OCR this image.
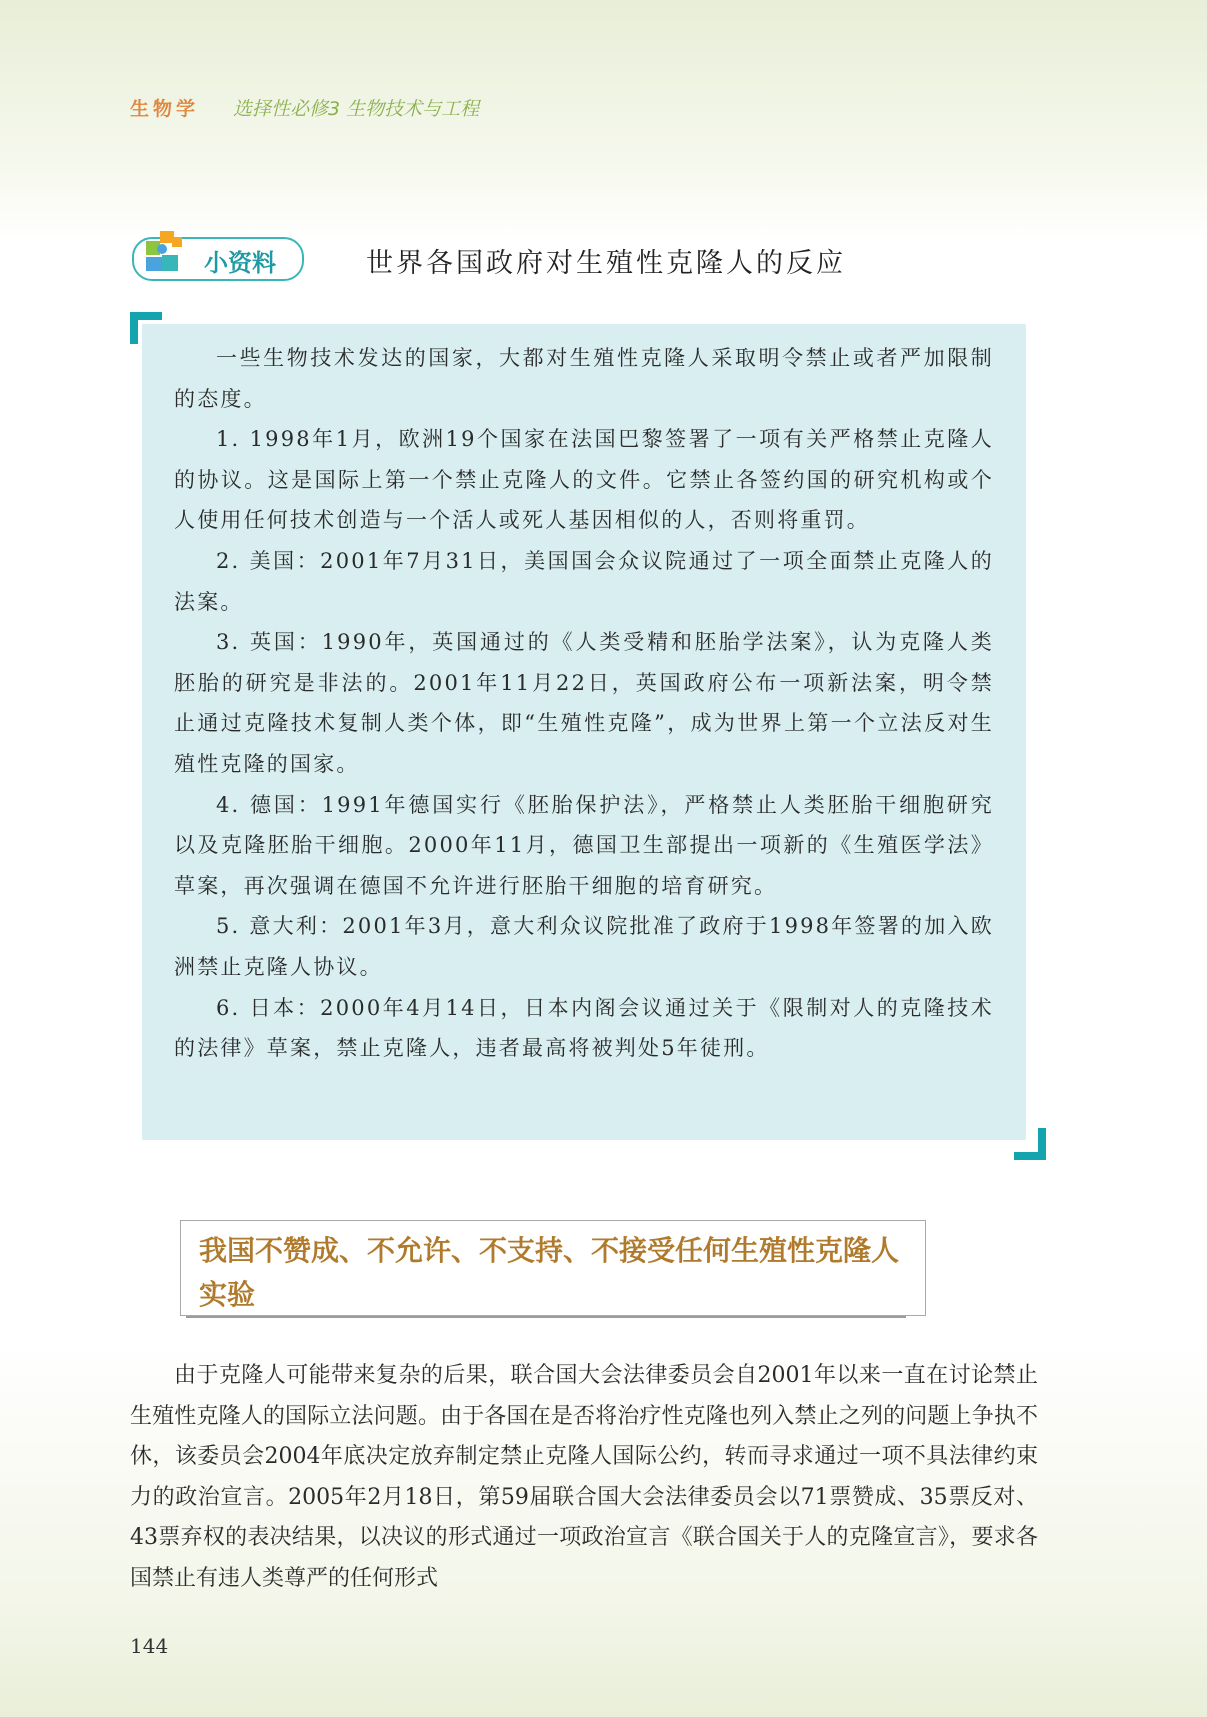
生物学 选择性必修3 生物技术与工程
小资料	世界各国政府对生殖性克隆人的反应

一些生物技术发达的国家，大都对生殖性克隆人采取明令禁止或者严加限制的态度。

1. 1998年1月，欧洲19个国家在法国巴黎签署了一项有关严格禁止克隆人的协议。这是国际上第一个禁止克隆人的文件。它禁止各签约国的研究机构或个人使用任何技术创造与一个活人或死人基因相似的人，否则将重罚。

2. 美国：2001年7月31日，美国国会众议院通过了一项全面禁止克隆人的法案。

3. 英国：1990年，英国通过的《人类受精和胚胎学法案》，认为克隆人类胚胎的研究是非法的。2001年11月22日，英国政府公布一项新法案，明令禁止通过克隆技术复制人类个体，即“生殖性克隆”，成为世界上第一个立法反对生殖性克隆的国家。

4. 德国：1991年德国实行《胚胎保护法》，严格禁止人类胚胎干细胞研究以及克隆胚胎干细胞。2000年11月，德国卫生部提出一项新的《生殖医学法》草案，再次强调在德国不允许进行胚胎干细胞的培育研究。

5. 意大利：2001年3月，意大利众议院批准了政府于1998年签署的加入欧洲禁止克隆人协议。

6. 日本：2000年4月14日，日本内阁会议通过关于《限制对人的克隆技术的法律》草案，禁止克隆人，违者最高将被判处5年徒刑。

我国不赞成、不允许、不支持、不接受任何生殖性克隆人实验

由于克隆人可能带来复杂的后果，联合国大会法律委员会自2001年以来一直在讨论禁止生殖性克隆人的国际立法问题。由于各国在是否将治疗性克隆也列入禁止之列的问题上争执不休，该委员会2004年底决定放弃制定禁止克隆人国际公约，转而寻求通过一项不具法律约束力的政治宣言。2005年2月18日，第59届联合国大会法律委员会以71票赞成、35票反对、43票弃权的表决结果，以决议的形式通过一项政治宣言《联合国关于人的克隆宣言》，要求各国禁止有违人类尊严的任何形式

144
